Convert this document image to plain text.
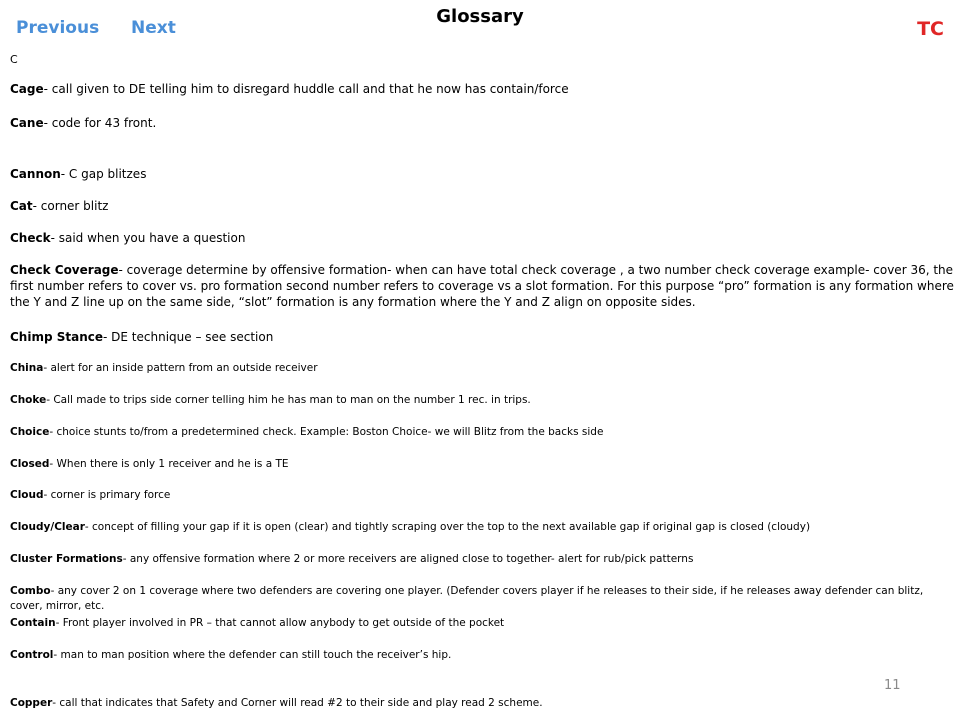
Previous Next
Glossary
TC
C
Cage- call given to DE telling him to disregard huddle call and that he now has contain/force
Cane- code for 43 front.
Cannon- C gap blitzes
Cat- corner blitz
Check- said when you have a question
Check Coverage- coverage determine by offensive formation- when can have total check coverage , a two number check coverage example- cover 36, the first number refers to cover vs. pro formation second number refers to coverage vs a slot formation. For this purpose “pro” formation is any formation where the Y and Z line up on the same side, “slot” formation is any formation where the Y and Z align on opposite sides.
Chimp Stance- DE technique – see section
China- alert for an inside pattern from an outside receiver
Choke- Call made to trips side corner telling him he has man to man on the number 1 rec. in trips.
Choice- choice stunts to/from a predetermined check. Example: Boston Choice- we will Blitz from the backs side
Closed- When there is only 1 receiver and he is a TE
Cloud- corner is primary force
Cloudy/Clear- concept of filling your gap if it is open (clear) and tightly scraping over the top to the next available gap if original gap is closed (cloudy)
Cluster Formations- any offensive formation where 2 or more receivers are aligned close to together- alert for rub/pick patterns
Combo- any cover 2 on 1 coverage where two defenders are covering one player. (Defender covers player if he releases to their side, if he releases away defender can blitz, cover, mirror, etc.
Contain- Front player involved in PR – that cannot allow anybody to get outside of the pocket
Control- man to man position where the defender can still touch the receiver’s hip.
Copper- call that indicates that Safety and Corner will read #2 to their side and play read 2 scheme.
11
